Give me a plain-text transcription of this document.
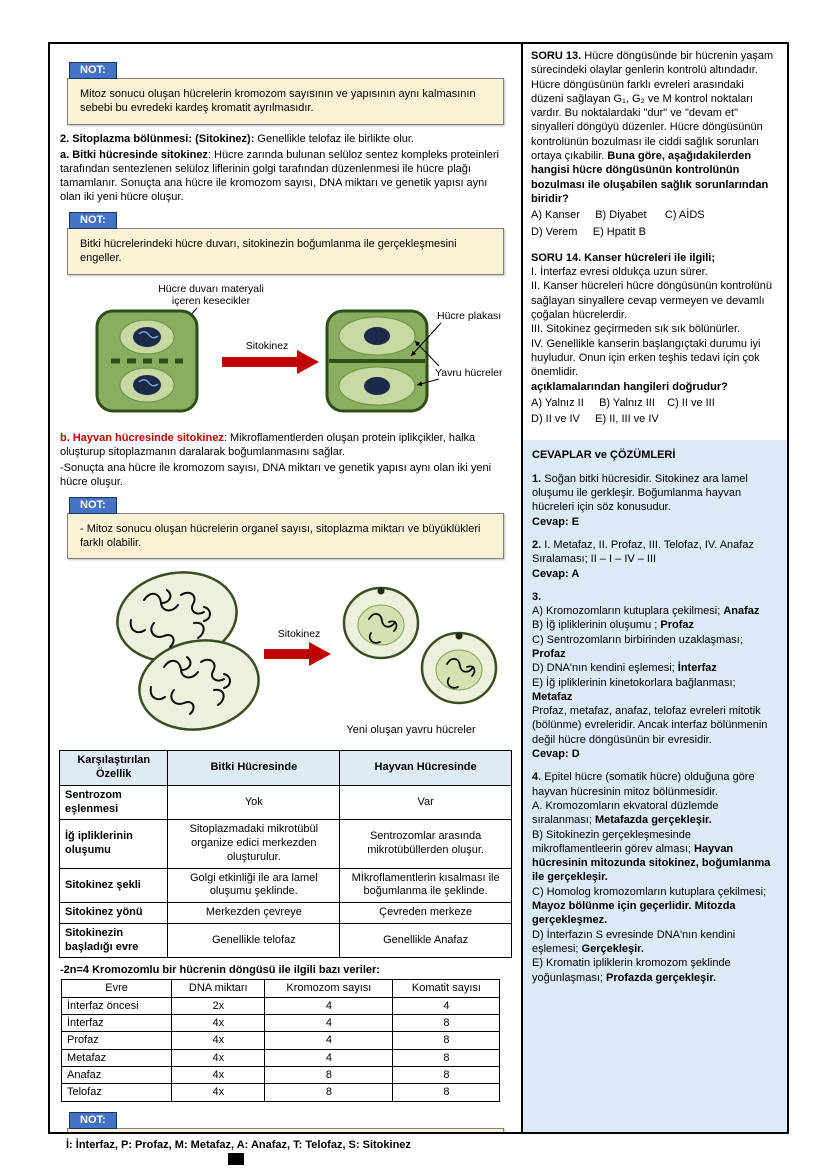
NOT:
Mitoz sonucu oluşan hücrelerin kromozom sayısının ve yapısının aynı kalmasının sebebi bu evredeki kardeş kromatit ayrılmasıdır.

2. Sitoplazma bölünmesi: (Sitokinez): Genellikle telofaz ile birlikte olur.

a. Bitki hücresinde sitokinez: Hücre zarında bulunan selüloz sentez kompleks proteinleri tarafından sentezlenen selüloz liflerinin golgi tarafından düzenlenmesi ile hücre plağı tamamlanır. Sonuçta ana hücre ile kromozom sayısı, DNA miktarı ve genetik yapısı aynı olan iki yeni hücre oluşur.

NOT:
Bitki hücrelerindeki hücre duvarı, sitokinezin boğumlanma ile gerçekleşmesini engeller.
Hücre duvarı materyali
içeren kesecikler
Sitokinez
Hücre plakası
Yavru hücreler

b. Hayvan hücresinde sitokinez: Mikroflamentlerden oluşan protein iplikçikler, halka oluşturup sitoplazmanın daralarak boğumlanmasını sağlar.

-Sonuçta ana hücre ile kromozom sayısı, DNA miktarı ve genetik yapısı aynı olan iki yeni hücre oluşur.

NOT:
- Mitoz sonucu oluşan hücrelerin organel sayısı, sitoplazma miktarı ve büyüklükleri farklı olabilir.
Sitokinez
Yeni oluşan yavru hücreler
Karşılaştırılan Özellik	Bitki Hücresinde	Hayvan Hücresinde
Sentrozom eşlenmesi	Yok	Var
İğ ipliklerinin oluşumu	Sitoplazmadaki mikrotübül organize edici merkezden oluşturulur.	Sentrozomlar arasında mikrotübüllerden oluşur.
Sitokinez şekli	Golgi etkinliği ile ara lamel oluşumu şeklinde.	Mİkroflamentlerin kısalması ile boğumlanma ile şeklinde.
Sitokinez yönü	Merkezden çevreye	Çevreden merkeze
Sitokinezin başladığı evre	Genellikle telofaz	Genellikle Anafaz

-2n=4 Kromozomlu bir hücrenin döngüsü ile ilgili bazı veriler:

Evre	DNA miktarı	Kromozom sayısı	Komatit sayısı
İnterfaz öncesi	2x	4	4
İnterfaz	4x	4	8
Profaz	4x	4	8
Metafaz	4x	4	8
Anafaz	4x	8	8
Telofaz	4x	8	8
NOT:
SORU 13. Hücre döngüsünde bir hücrenin yaşam sürecindeki olaylar genlerin kontrolü altındadır. Hücre döngüsünün farklı evreleri arasındaki düzeni sağlayan G₁, G₂ ve M kontrol noktaları vardır. Bu noktalardaki "dur" ve "devam et" sinyalleri döngüyü düzenler. Hücre döngüsünün kontrolünün bozulması ile ciddi sağlık sorunları ortaya çıkabilir. Buna göre, aşağıdakilerden hangisi hücre döngüsünün kontrolünün bozulması ile oluşabilen sağlık sorunlarından biridir?
A) Kanser     B) Diyabet      C) AİDS
D) Verem     E) Hpatit B
SORU 14. Kanser hücreleri ile ilgili;
I. İnterfaz evresi oldukça uzun sürer.
II. Kanser hücreleri hücre döngüsünün kontrolünü sağlayan sinyallere cevap vermeyen ve devamlı çoğalan hücrelerdir.
III. Sitokinez geçirmeden sık sık bölünürler.
IV. Genellikle kanserin başlangıçtaki durumu iyi huyludur. Onun için erken teşhis tedavi için çok önemlidir.
açıklamalarından hangileri doğrudur?
A) Yalnız II     B) Yalnız III    C) II ve III
D) II ve IV     E) II, III ve IV
CEVAPLAR ve ÇÖZÜMLERİ
1. Soğan bitki hücresidir. Sitokinez ara lamel oluşumu ile gerkleşir. Boğumlanma hayvan hücreleri için söz konusudur.
Cevap: E
2. I. Metafaz, II. Profaz, III. Telofaz, IV. Anafaz
Sıralaması; II – I – IV – III
Cevap: A
3.
A) Kromozomların kutuplara çekilmesi; Anafaz
B) İğ ipliklerinin oluşumu ; Profaz
C) Sentrozomların birbirinden uzaklaşması; Profaz
D) DNA'nın kendini eşlemesi; İnterfaz
E) İğ ipliklerinin kinetokorlara bağlanması; Metafaz
Profaz, metafaz, anafaz, telofaz evreleri mitotik (bölünme) evreleridir. Ancak interfaz bölünmenin değil hücre döngüsünün bir evresidir.
Cevap: D
4. Epitel hücre (somatik hücre) olduğuna göre hayvan hücresinin mitoz bölünmesidir.
A. Kromozomların ekvatoral düzlemde sıralanması; Metafazda gerçekleşir.
B) Sitokinezin gerçekleşmesinde mikroflamentleerin görev alması; Hayvan hücresinin mitozunda sitokinez, boğumlanma ile gerçekleşir.
C) Homolog kromozomların kutuplara çekilmesi; Mayoz bölünme için geçerlidir. Mitozda gerçekleşmez.
D) İnterfazın S evresinde DNA'nın kendini eşlemesi; Gerçekleşir.
E) Kromatin ipliklerin kromozom şeklinde yoğunlaşması; Profazda gerçekleşir.
İ: İnterfaz, P: Profaz, M: Metafaz, A: Anafaz, T: Telofaz, S: Sitokinez
